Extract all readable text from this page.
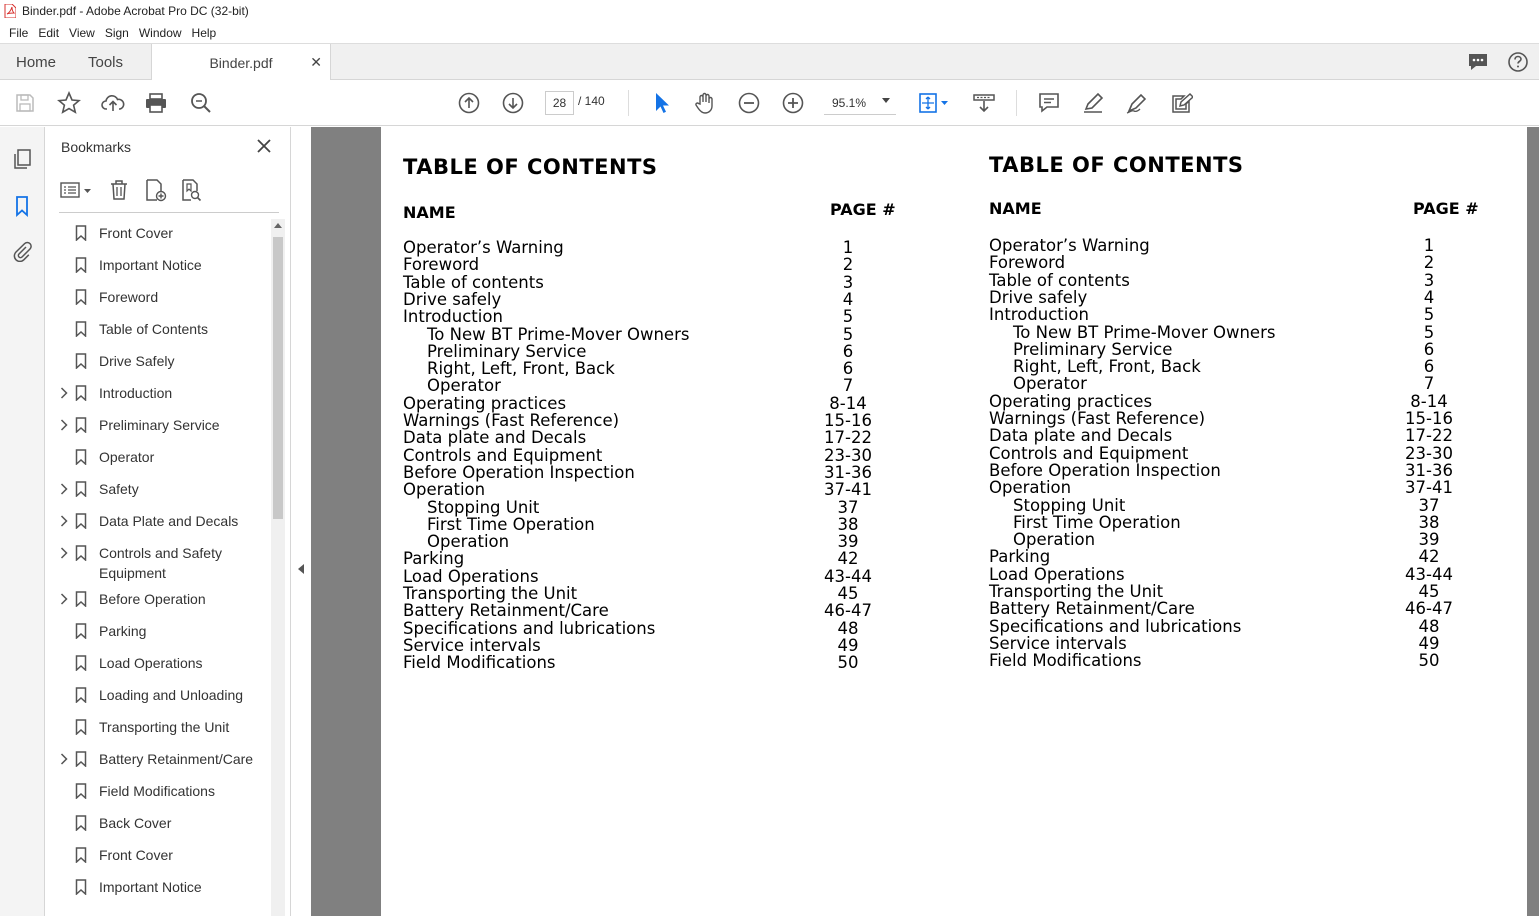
Binder.pdf - Adobe Acrobat Pro DC (32-bit)
File Edit View Sign Window Help
Home Tools	Binder.pdf	✕
28 / 140	95.1%
Bookmarks
Front Cover
Important Notice
Foreword
Table of Contents
Drive Safely
Introduction
Preliminary Service
Operator
Safety
Data Plate and Decals
Controls and Safety Equipment
Before Operation
Parking
Load Operations
Loading and Unloading
Transporting the Unit
Battery Retainment/Care
Field Modifications
Back Cover
Front Cover
Important Notice
TABLE OF CONTENTS
NAME	PAGE #
Operator’s Warning	1
Foreword	2
Table of contents	3
Drive safely	4
Introduction	5
To New BT Prime-Mover Owners	5
Preliminary Service	6
Right, Left, Front, Back	6
Operator	7
Operating practices	8-14
Warnings (Fast Reference)	15-16
Data plate and Decals	17-22
Controls and Equipment	23-30
Before Operation Inspection	31-36
Operation	37-41
Stopping Unit	37
First Time Operation	38
Operation	39
Parking	42
Load Operations	43-44
Transporting the Unit	45
Battery Retainment/Care	46-47
Specifications and lubrications	48
Service intervals	49
Field Modifications	50
TABLE OF CONTENTS
NAME	PAGE #
Operator’s Warning	1
Foreword	2
Table of contents	3
Drive safely	4
Introduction	5
To New BT Prime-Mover Owners	5
Preliminary Service	6
Right, Left, Front, Back	6
Operator	7
Operating practices	8-14
Warnings (Fast Reference)	15-16
Data plate and Decals	17-22
Controls and Equipment	23-30
Before Operation Inspection	31-36
Operation	37-41
Stopping Unit	37
First Time Operation	38
Operation	39
Parking	42
Load Operations	43-44
Transporting the Unit	45
Battery Retainment/Care	46-47
Specifications and lubrications	48
Service intervals	49
Field Modifications	50
